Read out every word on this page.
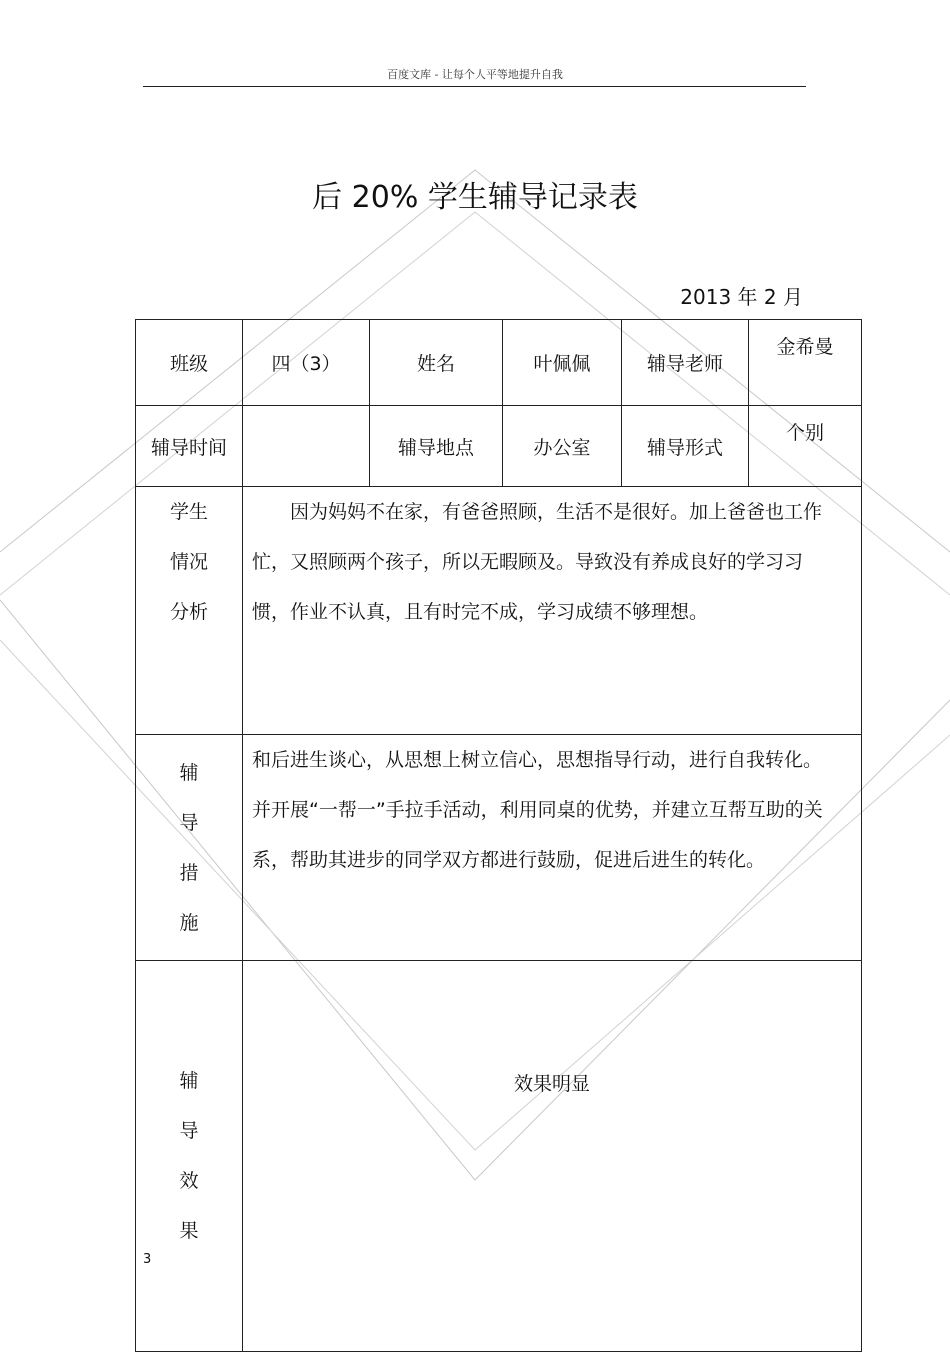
百度文库 - 让每个人平等地提升自我
后 20% 学生辅导记录表
2013 年 2 月
班级	四（3）	姓名	叶佩佩	辅导老师	金希曼
辅导时间		辅导地点	办公室	辅导形式	个别

学生
情况
分析	因为妈妈不在家，有爸爸照顾，生活不是很好。加上爸爸也工作忙，又照顾两个孩子，所以无暇顾及。导致没有养成良好的学习习惯，作业不认真，且有时完不成，学习成绩不够理想。				

辅
导
措
施	和后进生谈心，从思想上树立信心，思想指导行动，进行自我转化。并开展“一帮一”手拉手活动，利用同桌的优势，并建立互帮互助的关系，帮助其进步的同学双方都进行鼓励，促进后进生的转化。				

辅
导
效
果	效果明显				
3
